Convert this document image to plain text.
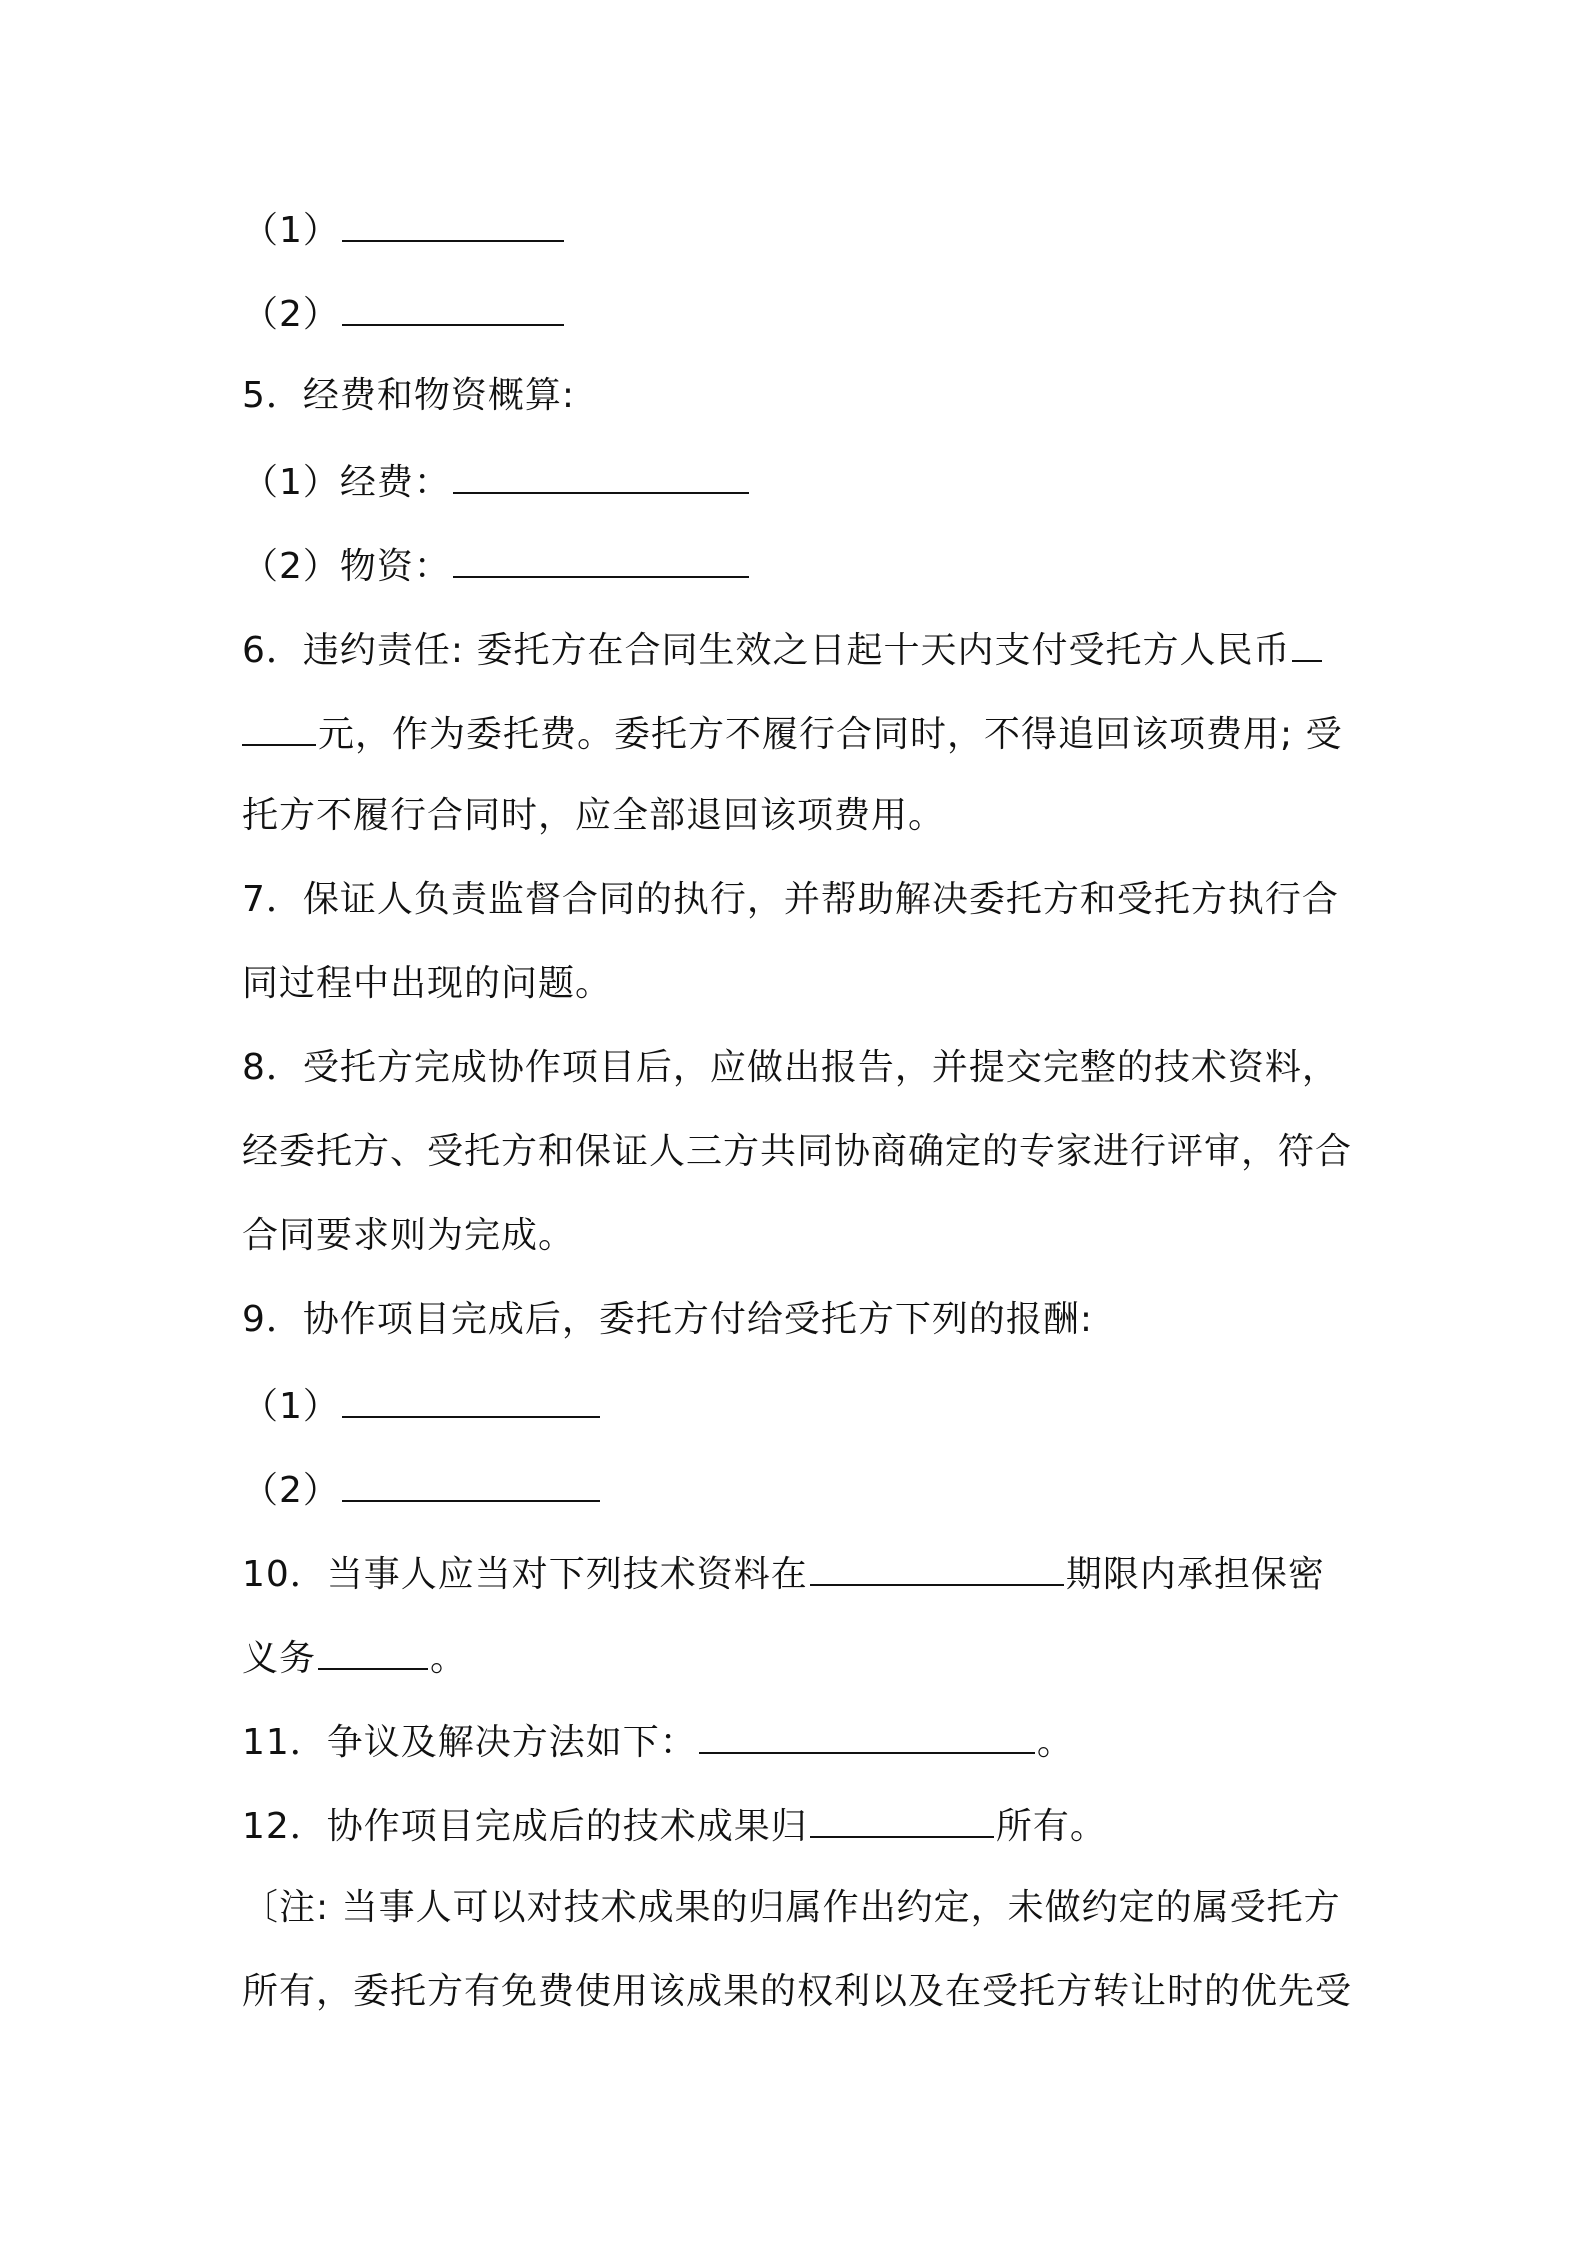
（1）
（2）
5．经费和物资概算:
（1）经费：
（2）物资：
6．违约责任: 委托方在合同生效之日起十天内支付受托方人民币
元，作为委托费。委托方不履行合同时，不得追回该项费用; 受
托方不履行合同时，应全部退回该项费用。
7．保证人负责监督合同的执行，并帮助解决委托方和受托方执行合
同过程中出现的问题。
8．受托方完成协作项目后，应做出报告，并提交完整的技术资料，
经委托方、受托方和保证人三方共同协商确定的专家进行评审，符合
合同要求则为完成。
9．协作项目完成后，委托方付给受托方下列的报酬:
（1）
（2）
10．当事人应当对下列技术资料在	期限内承担保密
义务	。
11．争议及解决方法如下：	。
12．协作项目完成后的技术成果归	所有。
〔注: 当事人可以对技术成果的归属作出约定，未做约定的属受托方
所有，委托方有免费使用该成果的权利以及在受托方转让时的优先受
